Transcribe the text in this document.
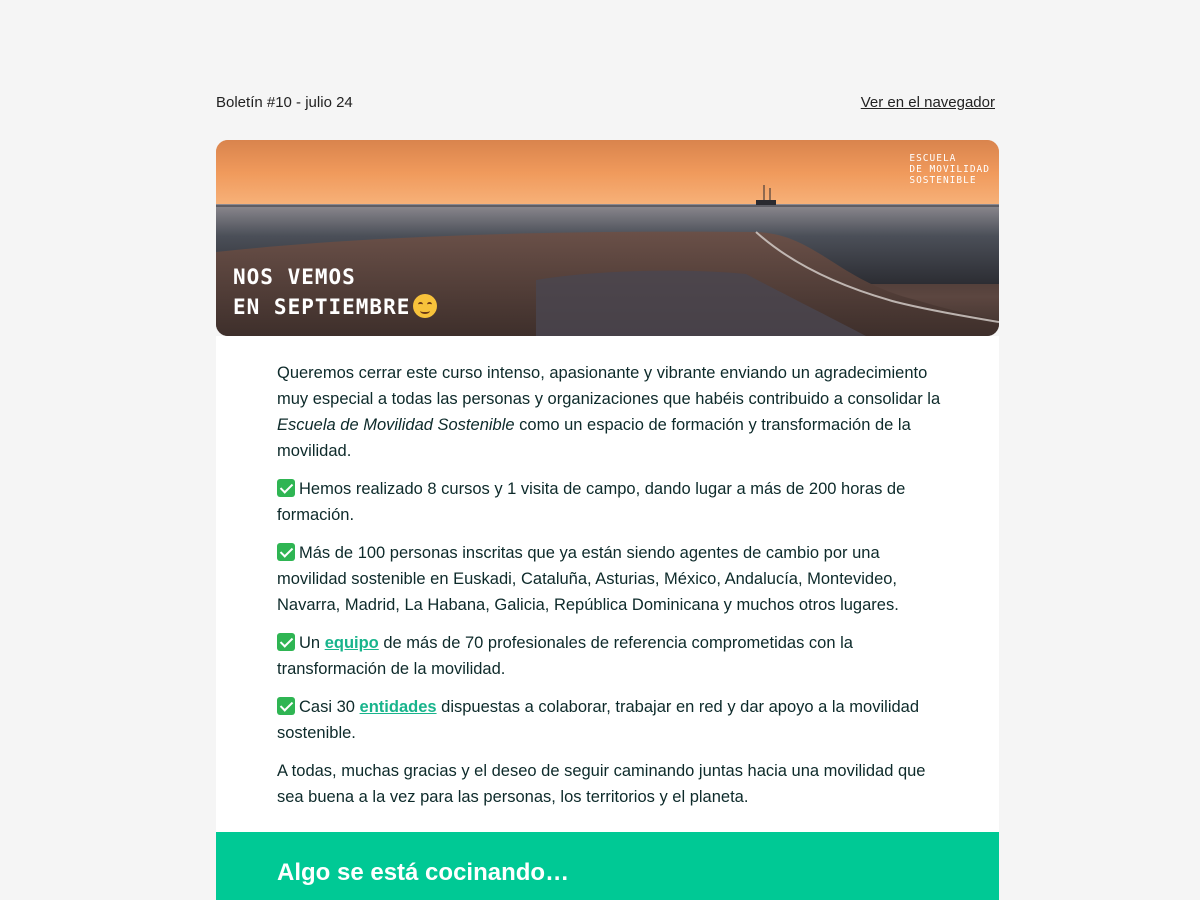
Boletín #10 - julio 24	Ver en el navegador
ESCUELA
DE MOVILIDAD
SOSTENIBLE
NOS VEMOS
EN SEPTIEMBRE

Queremos cerrar este curso intenso, apasionante y vibrante enviando un agradecimiento muy especial a todas las personas y organizaciones que habéis contribuido a consolidar la Escuela de Movilidad Sostenible como un espacio de formación y transformación de la movilidad.

Hemos realizado 8 cursos y 1 visita de campo, dando lugar a más de 200 horas de formación.

Más de 100 personas inscritas que ya están siendo agentes de cambio por una movilidad sostenible en Euskadi, Cataluña, Asturias, México, Andalucía, Montevideo, Navarra, Madrid, La Habana, Galicia, República Dominicana y muchos otros lugares.

Un equipo de más de 70 profesionales de referencia comprometidas con la transformación de la movilidad.

Casi 30 entidades dispuestas a colaborar, trabajar en red y dar apoyo a la movilidad sostenible.

A todas, muchas gracias y el deseo de seguir caminando juntas hacia una movilidad que sea buena a la vez para las personas, los territorios y el planeta.

Algo se está cocinando…
